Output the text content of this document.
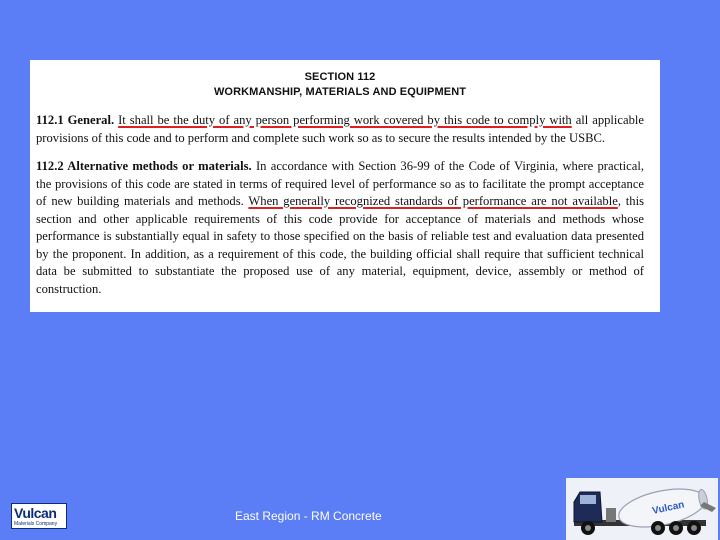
SECTION 112
WORKMANSHIP, MATERIALS AND EQUIPMENT

112.1 General. It shall be the duty of any person performing work covered by this code to comply with all applicable provisions of this code and to perform and complete such work so as to secure the results intended by the USBC.

112.2 Alternative methods or materials. In accordance with Section 36-99 of the Code of Virginia, where practical, the provisions of this code are stated in terms of required level of performance so as to facilitate the prompt acceptance of new building materials and methods. When generally recognized standards of performance are not available, this section and other applicable requirements of this code provide for acceptance of materials and methods whose performance is substantially equal in safety to those specified on the basis of reliable test and evaluation data presented by the proponent. In addition, as a requirement of this code, the building official shall require that sufficient technical data be submitted to substantiate the proposed use of any material, equipment, device, assembly or method of construction.

Vulcan
Materials Company
East Region - RM Concrete	Vulcan
